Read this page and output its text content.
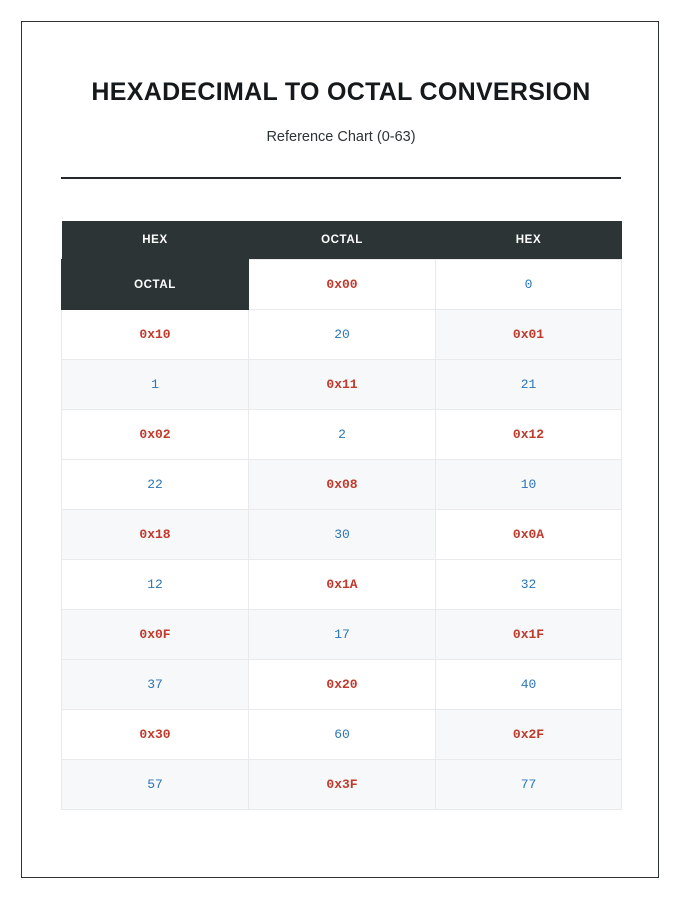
HEXADECIMAL TO OCTAL CONVERSION
Reference Chart (0-63)
HEX	OCTAL	HEX
OCTAL	0x00	0
0x10	20	0x01
1	0x11	21
0x02	2	0x12
22	0x08	10
0x18	30	0x0A
12	0x1A	32
0x0F	17	0x1F
37	0x20	40
0x30	60	0x2F
57	0x3F	77
